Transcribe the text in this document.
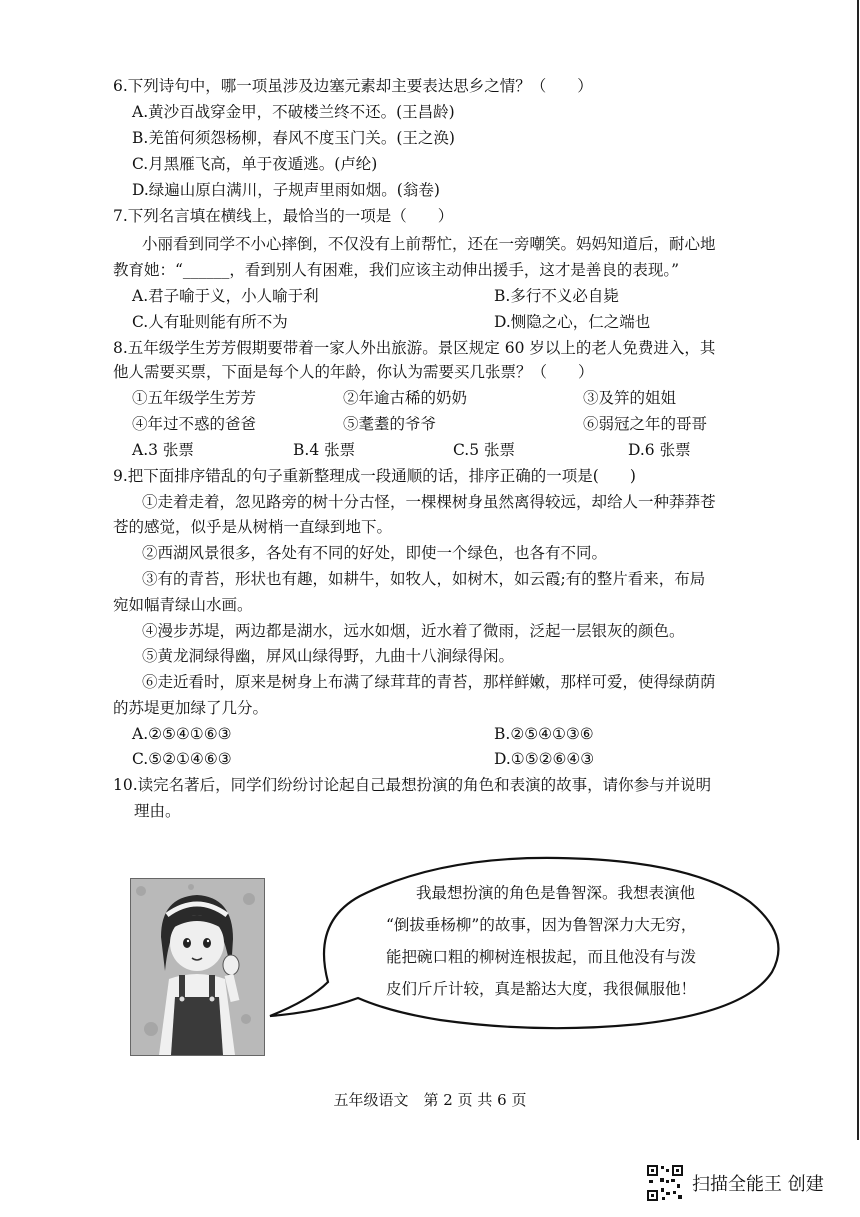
6.下列诗句中，哪一项虽涉及边塞元素却主要表达思乡之情？（　　）
A.黄沙百战穿金甲，不破楼兰终不还。(王昌龄)
B.羌笛何须怨杨柳，春风不度玉门关。(王之涣)
C.月黑雁飞高，单于夜遁逃。(卢纶)
D.绿遍山原白满川，子规声里雨如烟。(翁卷)
7.下列名言填在横线上，最恰当的一项是（　　）
小丽看到同学不小心摔倒，不仅没有上前帮忙，还在一旁嘲笑。妈妈知道后，耐心地
教育她：“______，看到别人有困难，我们应该主动伸出援手，这才是善良的表现。”
A.君子喻于义，小人喻于利	B.多行不义必自毙
C.人有耻则能有所不为	D.恻隐之心，仁之端也
8.五年级学生芳芳假期要带着一家人外出旅游。景区规定 60 岁以上的老人免费进入，其
他人需要买票，下面是每个人的年龄，你认为需要买几张票？（　　）
①五年级学生芳芳	②年逾古稀的奶奶	③及笄的姐姐
④年过不惑的爸爸	⑤耄耋的爷爷	⑥弱冠之年的哥哥
A.3 张票	B.4 张票	C.5 张票	D.6 张票
9.把下面排序错乱的句子重新整理成一段通顺的话，排序正确的一项是(　　)
①走着走着，忽见路旁的树十分古怪，一棵棵树身虽然离得较远，却给人一种莽莽苍
苍的感觉，似乎是从树梢一直绿到地下。
②西湖风景很多，各处有不同的好处，即使一个绿色，也各有不同。
③有的青苔，形状也有趣，如耕牛，如牧人，如树木，如云霞;有的整片看来，布局
宛如幅青绿山水画。
④漫步苏堤，两边都是湖水，远水如烟，近水着了微雨，泛起一层银灰的颜色。
⑤黄龙洞绿得幽，屏风山绿得野，九曲十八涧绿得闲。
⑥走近看时，原来是树身上布满了绿茸茸的青苔，那样鲜嫩，那样可爱，使得绿荫荫
的苏堤更加绿了几分。
A.②⑤④①⑥③	B.②⑤④①③⑥
C.⑤②①④⑥③	D.①⑤②⑥④③
10.读完名著后，同学们纷纷讨论起自己最想扮演的角色和表演的故事，请你参与并说明
理由。
我最想扮演的角色是鲁智深。我想表演他
“倒拔垂杨柳”的故事，因为鲁智深力大无穷，
能把碗口粗的柳树连根拔起，而且他没有与泼
皮们斤斤计较，真是豁达大度，我很佩服他！
五年级语文　第 2 页 共 6 页
扫描全能王 创建
